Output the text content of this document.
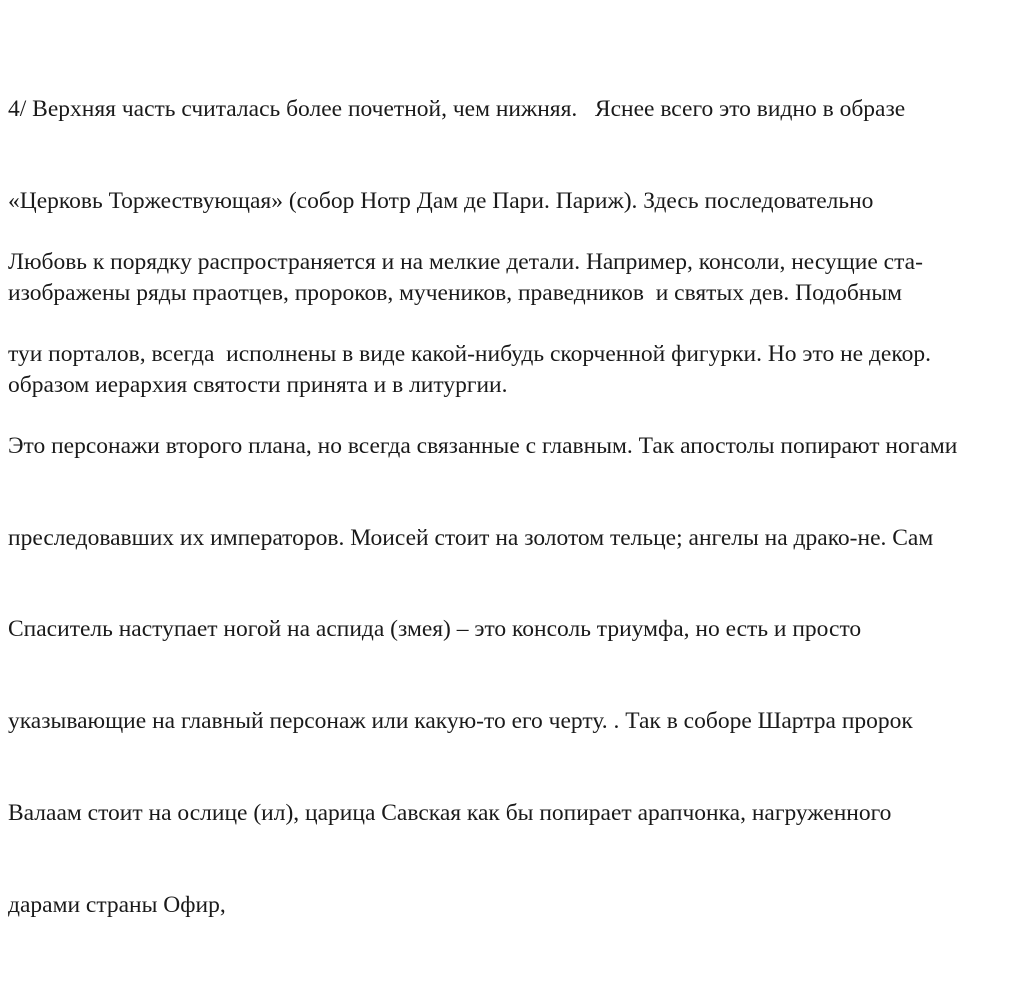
4/ Верхняя часть считалась более почетной, чем нижняя.   Яснее всего это видно в образе

«Церковь Торжествующая» (собор Нотр Дам де Пари. Париж). Здесь последовательно

изображены ряды праотцев, пророков, мучеников, праведников  и святых дев. Подобным

образом иерархия святости принята и в литургии.

Любовь к порядку распространяется и на мелкие детали. Например, консоли, несущие ста-

туи порталов, всегда  исполнены в виде какой-нибудь скорченной фигурки. Но это не декор.

Это персонажи второго плана, но всегда связанные с главным. Так апостолы попирают ногами

преследовавших их императоров. Моисей стоит на золотом тельце; ангелы на драко-не. Сам

Спаситель наступает ногой на аспида (змея) – это консоль триумфа, но есть и просто

указывающие на главный персонаж или какую-то его черту. . Так в соборе Шартра пророк

Валаам стоит на ослице (ил), царица Савская как бы попирает арапчонка, нагруженного

дарами страны Офир,
